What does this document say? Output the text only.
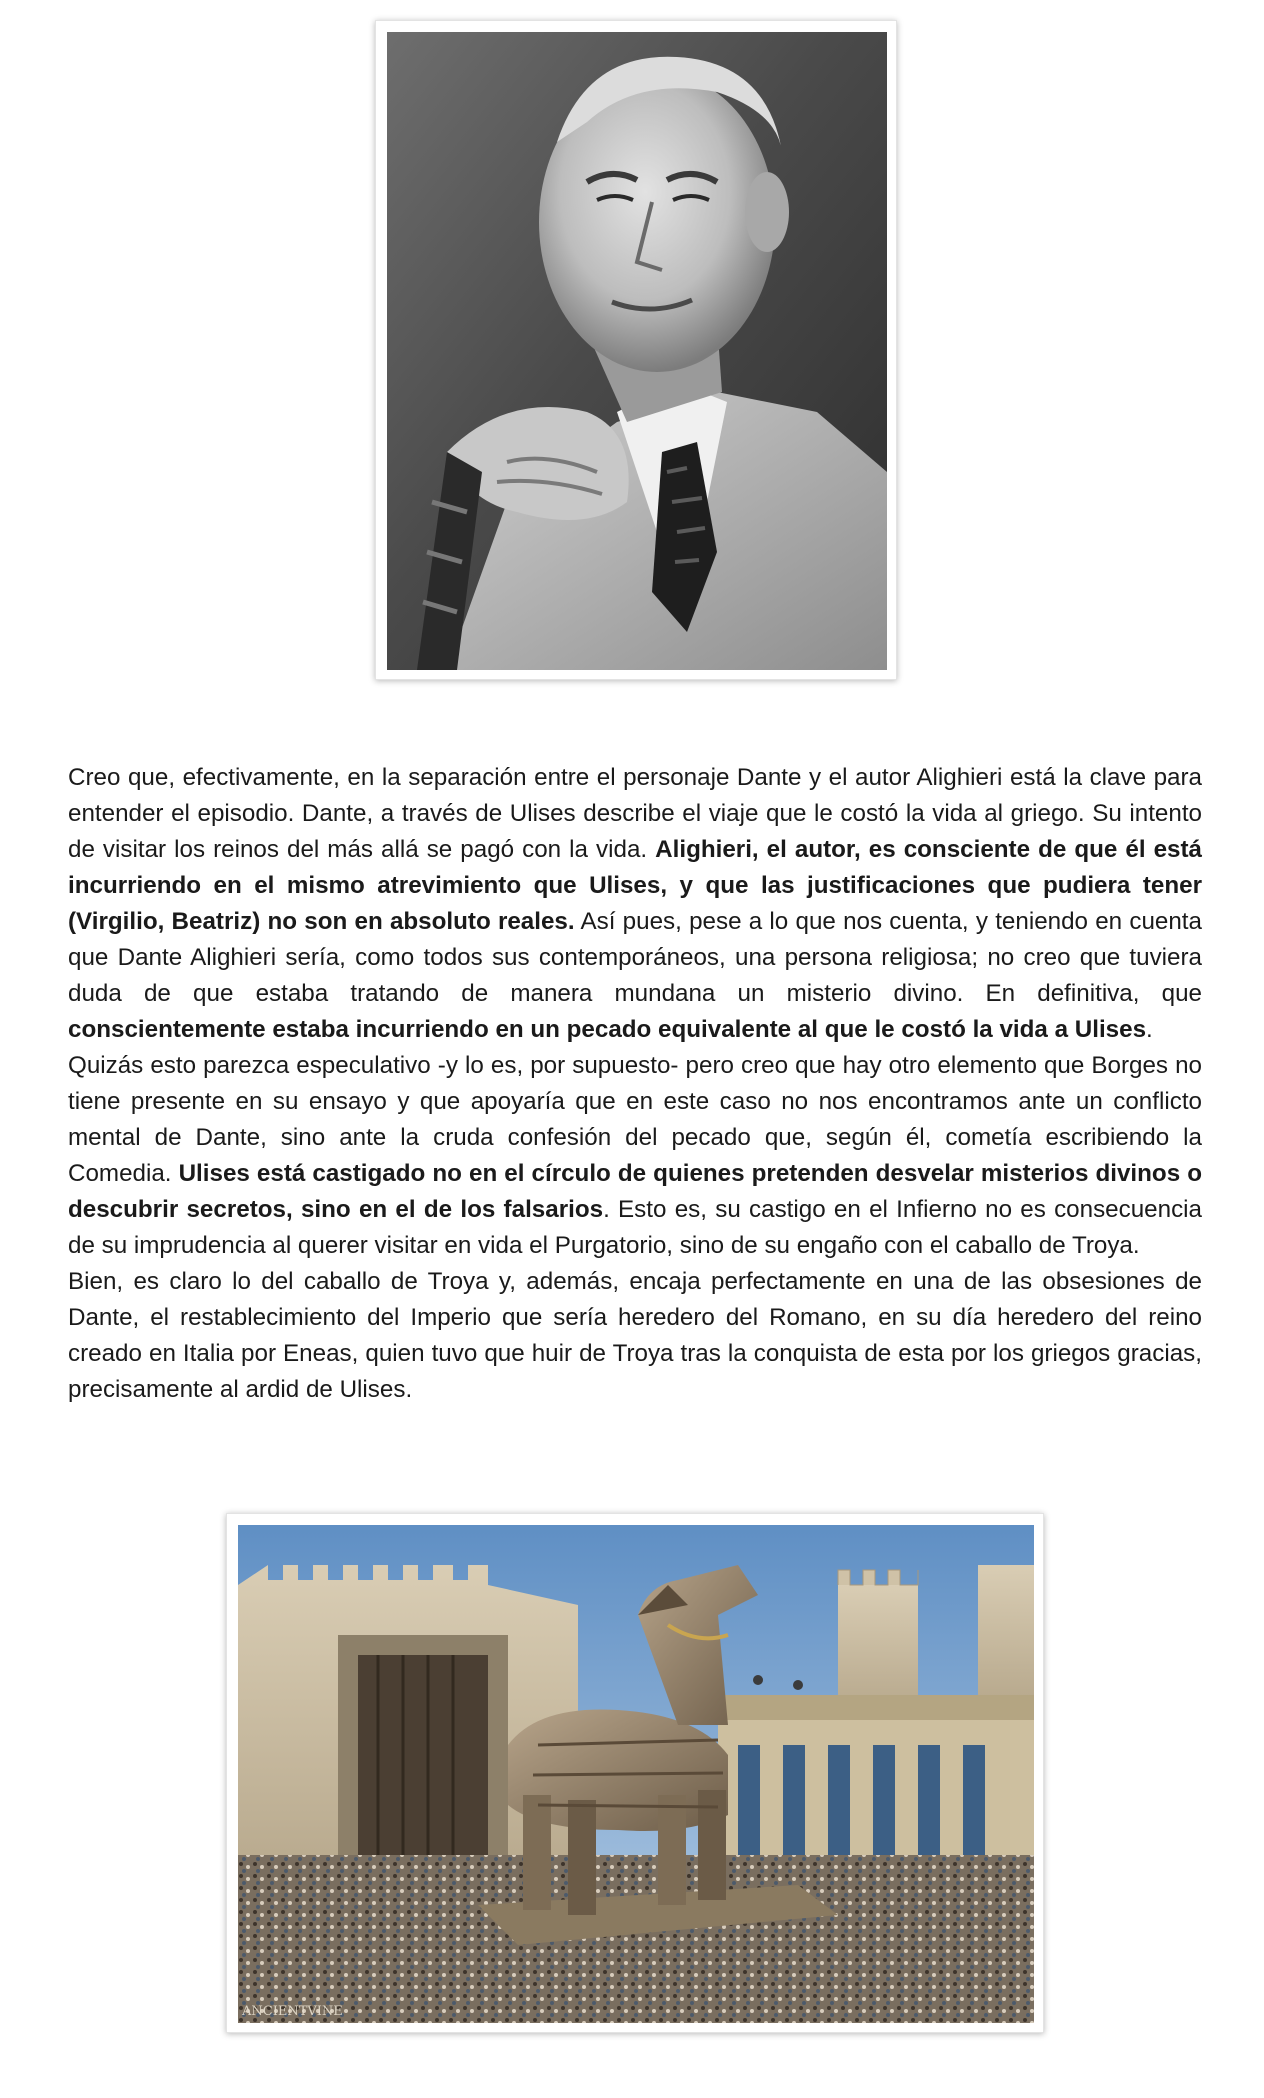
Creo que, efectivamente, en la separación entre el personaje Dante y el autor Alighieri está la clave para entender el episodio. Dante, a través de Ulises describe el viaje que le costó la vida al griego. Su intento de visitar los reinos del más allá se pagó con la vida. Alighieri, el autor, es consciente de que él está incurriendo en el mismo atrevimiento que Ulises, y que las justificaciones que pudiera tener (Virgilio, Beatriz) no son en absoluto reales. Así pues, pese a lo que nos cuenta, y teniendo en cuenta que Dante Alighieri sería, como todos sus contemporáneos, una persona religiosa; no creo que tuviera duda de que estaba tratando de manera mundana un misterio divino. En definitiva, que conscientemente estaba incurriendo en un pecado equivalente al que le costó la vida a Ulises.

Quizás esto parezca especulativo -y lo es, por supuesto- pero creo que hay otro elemento que Borges no tiene presente en su ensayo y que apoyaría que en este caso no nos encontramos ante un conflicto mental de Dante, sino ante la cruda confesión del pecado que, según él, cometía escribiendo la Comedia. Ulises está castigado no en el círculo de quienes pretenden desvelar misterios divinos o descubrir secretos, sino en el de los falsarios. Esto es, su castigo en el Infierno no es consecuencia de su imprudencia al querer visitar en vida el Purgatorio, sino de su engaño con el caballo de Troya.

Bien, es claro lo del caballo de Troya y, además, encaja perfectamente en una de las obsesiones de Dante, el restablecimiento del Imperio que sería heredero del Romano, en su día heredero del reino creado en Italia por Eneas, quien tuvo que huir de Troya tras la conquista de esta por los griegos gracias, precisamente al ardid de Ulises.

ANCIENTVINE
